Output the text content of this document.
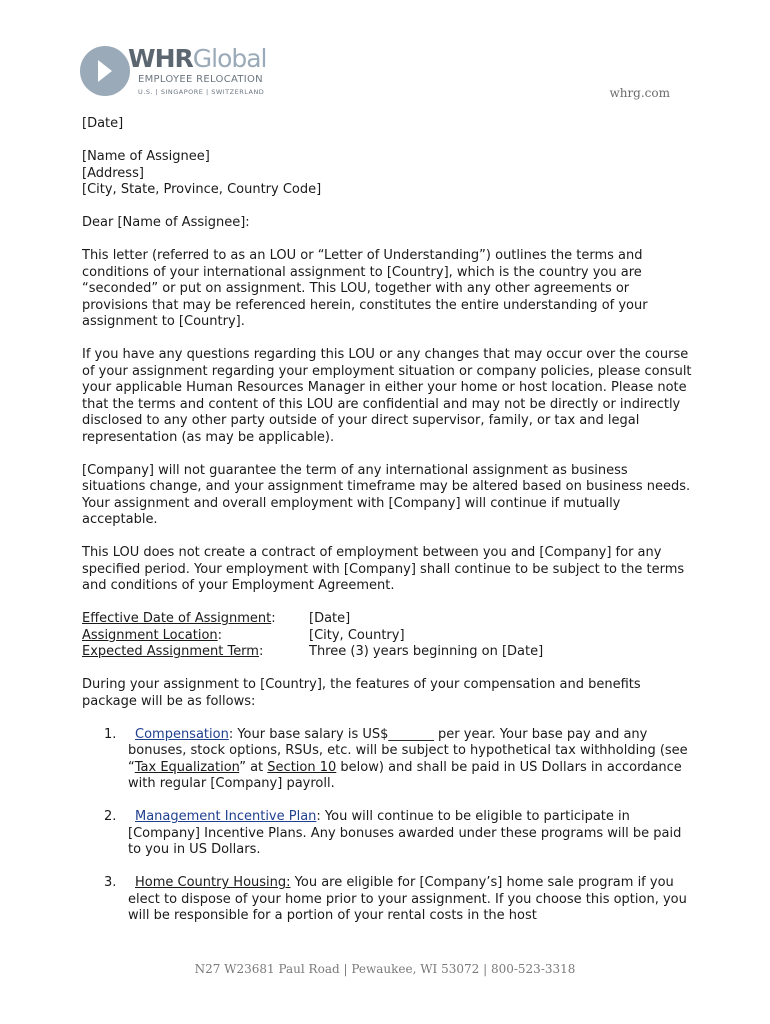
WHRGlobal
EMPLOYEE RELOCATION
U.S. | SINGAPORE | SWITZERLAND	whrg.com

[Date]

[Name of Assignee]
[Address]
[City, State, Province, Country Code]

Dear [Name of Assignee]:

This letter (referred to as an LOU or “Letter of Understanding”) outlines the terms and conditions of your international assignment to [Country], which is the country you are “seconded” or put on assignment. This LOU, together with any other agreements or provisions that may be referenced herein, constitutes the entire understanding of your assignment to [Country].

If you have any questions regarding this LOU or any changes that may occur over the course of your assignment regarding your employment situation or company policies, please consult your applicable Human Resources Manager in either your home or host location. Please note that the terms and content of this LOU are confidential and may not be directly or indirectly disclosed to any other party outside of your direct supervisor, family, or tax and legal representation (as may be applicable).

[Company] will not guarantee the term of any international assignment as business situations change, and your assignment timeframe may be altered based on business needs. Your assignment and overall employment with [Company] will continue if mutually acceptable.

This LOU does not create a contract of employment between you and [Company] for any specified period. Your employment with [Company] shall continue to be subject to the terms and conditions of your Employment Agreement.

Effective Date of Assignment:	[Date]
Assignment Location:	[City, Country]
Expected Assignment Term:	Three (3) years beginning on [Date]

During your assignment to [Country], the features of your compensation and benefits package will be as follows:

1. Compensation: Your base salary is US$_______ per year. Your base pay and any bonuses, stock options, RSUs, etc. will be subject to hypothetical tax withholding (see “Tax Equalization” at Section 10 below) and shall be paid in US Dollars in accordance with regular [Company] payroll.
2. Management Incentive Plan: You will continue to be eligible to participate in [Company] Incentive Plans. Any bonuses awarded under these programs will be paid to you in US Dollars.
3. Home Country Housing: You are eligible for [Company’s] home sale program if you elect to dispose of your home prior to your assignment. If you choose this option, you will be responsible for a portion of your rental costs in the host
N27 W23681 Paul Road | Pewaukee, WI 53072 | 800-523-3318
